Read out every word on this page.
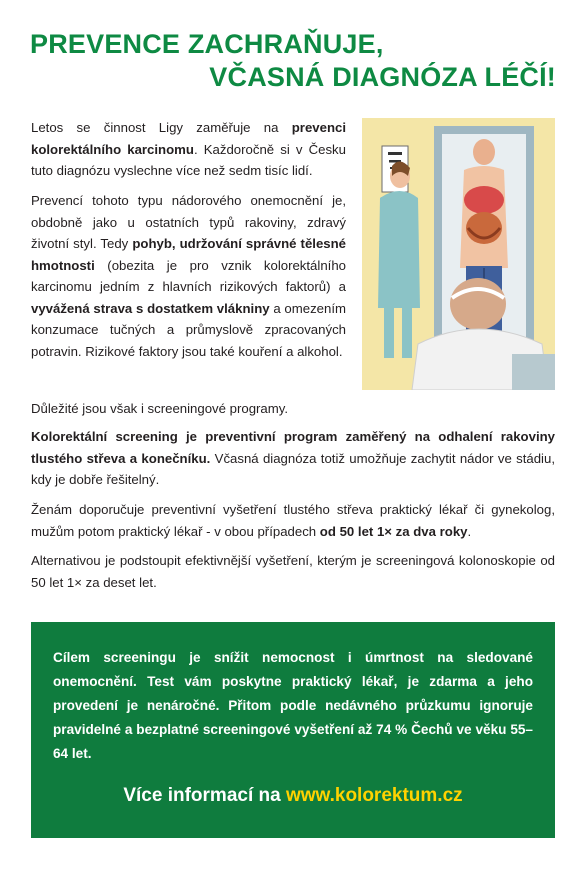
PREVENCE ZACHRAŇUJE,
VČASNÁ DIAGNÓZA LÉČÍ!

Letos se činnost Ligy zaměřuje na prevenci kolorektálního karcinomu. Každoročně si v Česku tuto diagnózu vyslechne více než sedm tisíc lidí.

Prevencí tohoto typu nádorového onemocnění je, obdobně jako u ostatních typů rakoviny, zdravý životní styl. Tedy pohyb, udržování správné tělesné hmotnosti (obezita je pro vznik kolorektálního karcinomu jedním z hlavních rizikových faktorů) a vyvážená strava s dostatkem vlákniny a omezením konzumace tučných a průmyslově zpracovaných potravin. Rizikové faktory jsou také kouření a alkohol.

Důležité jsou však i screeningové programy.

Kolorektální screening je preventivní program zaměřený na odhalení rakoviny tlustého střeva a konečníku. Včasná diagnóza totiž umožňuje zachytit nádor ve stádiu, kdy je dobře řešitelný.

Ženám doporučuje preventivní vyšetření tlustého střeva praktický lékař či gynekolog, mužům potom praktický lékař - v obou případech od 50 let 1× za dva roky.

Alternativou je podstoupit efektivnější vyšetření, kterým je screeningová kolonoskopie od 50 let 1× za deset let.

Cílem screeningu je snížit nemocnost i úmrtnost na sledované onemocnění. Test vám poskytne praktický lékař, je zdarma a jeho provedení je nenáročné. Přitom podle nedávného průzkumu ignoruje pravidelné a bezplatné screeningové vyšetření až 74 % Čechů ve věku 55–64 let.

Více informací na www.kolorektum.cz
